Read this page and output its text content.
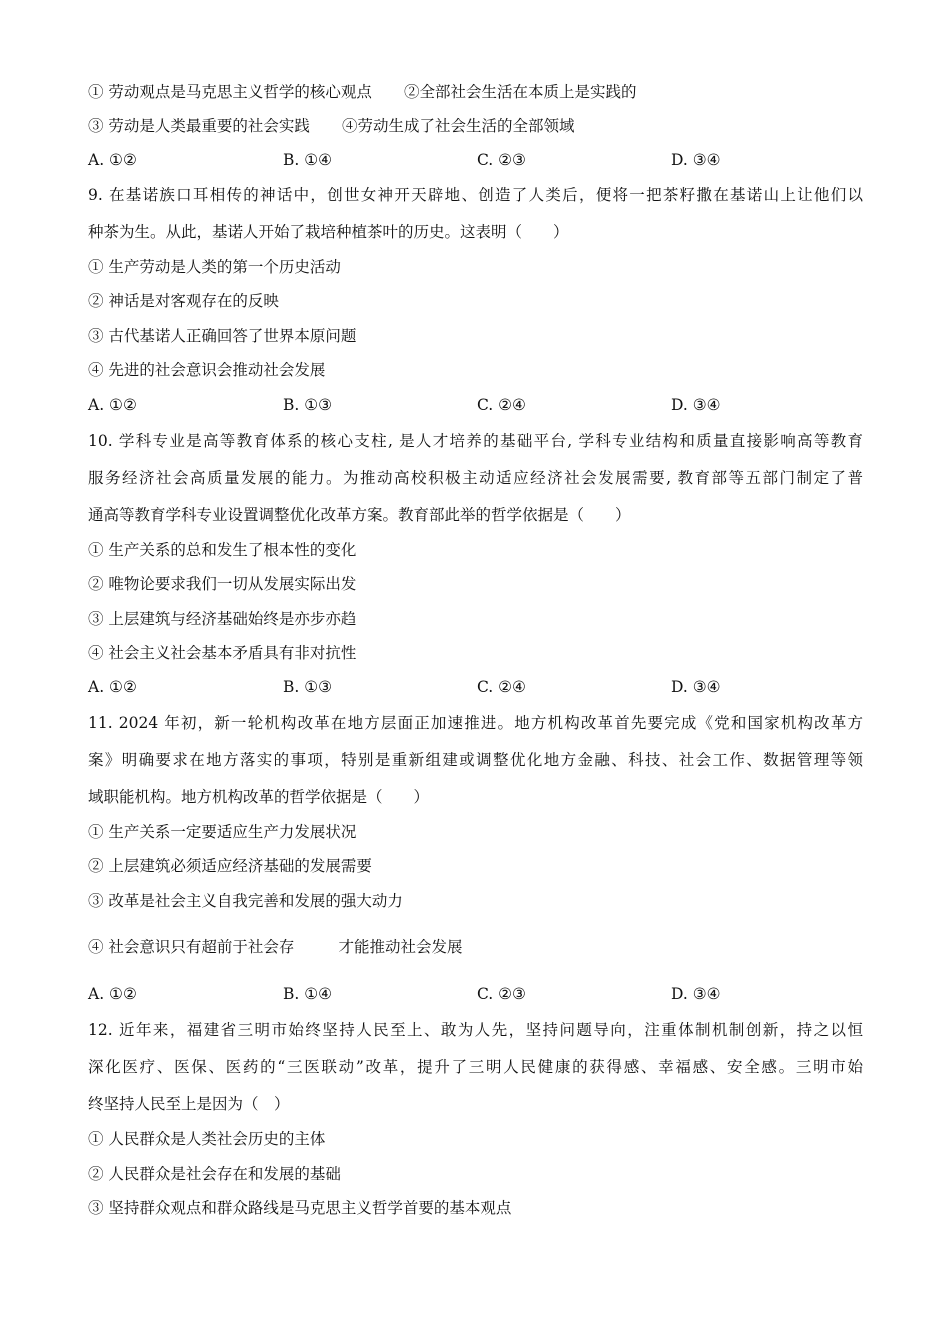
① 劳动观点是马克思主义哲学的核心观点 ②全部社会生活在本质上是实践的
③ 劳动是人类最重要的社会实践 ④劳动生成了社会生活的全部领域
A. ①②	B. ①④	C. ②③	D. ③④
9. 在基诺族口耳相传的神话中，创世女神开天辟地、创造了人类后，便将一把茶籽撒在基诺山上让他们以
种茶为生。从此，基诺人开始了栽培种植茶叶的历史。这表明（　　）
① 生产劳动是人类的第一个历史活动
② 神话是对客观存在的反映
③ 古代基诺人正确回答了世界本原问题
④ 先进的社会意识会推动社会发展
A. ①②	B. ①③	C. ②④	D. ③④
10. 学科专业是高等教育体系的核心支柱, 是人才培养的基础平台, 学科专业结构和质量直接影响高等教育
服务经济社会高质量发展的能力。为推动高校积极主动适应经济社会发展需要, 教育部等五部门制定了普
通高等教育学科专业设置调整优化改革方案。教育部此举的哲学依据是（　　）
① 生产关系的总和发生了根本性的变化
② 唯物论要求我们一切从发展实际出发
③ 上层建筑与经济基础始终是亦步亦趋
④ 社会主义社会基本矛盾具有非对抗性
A. ①②	B. ①③	C. ②④	D. ③④
11. 2024 年初，新一轮机构改革在地方层面正加速推进。地方机构改革首先要完成《党和国家机构改革方
案》明确要求在地方落实的事项，特别是重新组建或调整优化地方金融、科技、社会工作、数据管理等领
域职能机构。地方机构改革的哲学依据是（　　）
① 生产关系一定要适应生产力发展状况
② 上层建筑必须适应经济基础的发展需要
③ 改革是社会主义自我完善和发展的强大动力
④ 社会意识只有超前于社会存	才能推动社会发展
A. ①②	B. ①④	C. ②③	D. ③④
12. 近年来，福建省三明市始终坚持人民至上、敢为人先，坚持问题导向，注重体制机制创新，持之以恒
深化医疗、医保、医药的“三医联动”改革，提升了三明人民健康的获得感、幸福感、安全感。三明市始
终坚持人民至上是因为（　）
① 人民群众是人类社会历史的主体
② 人民群众是社会存在和发展的基础
③ 坚持群众观点和群众路线是马克思主义哲学首要的基本观点
